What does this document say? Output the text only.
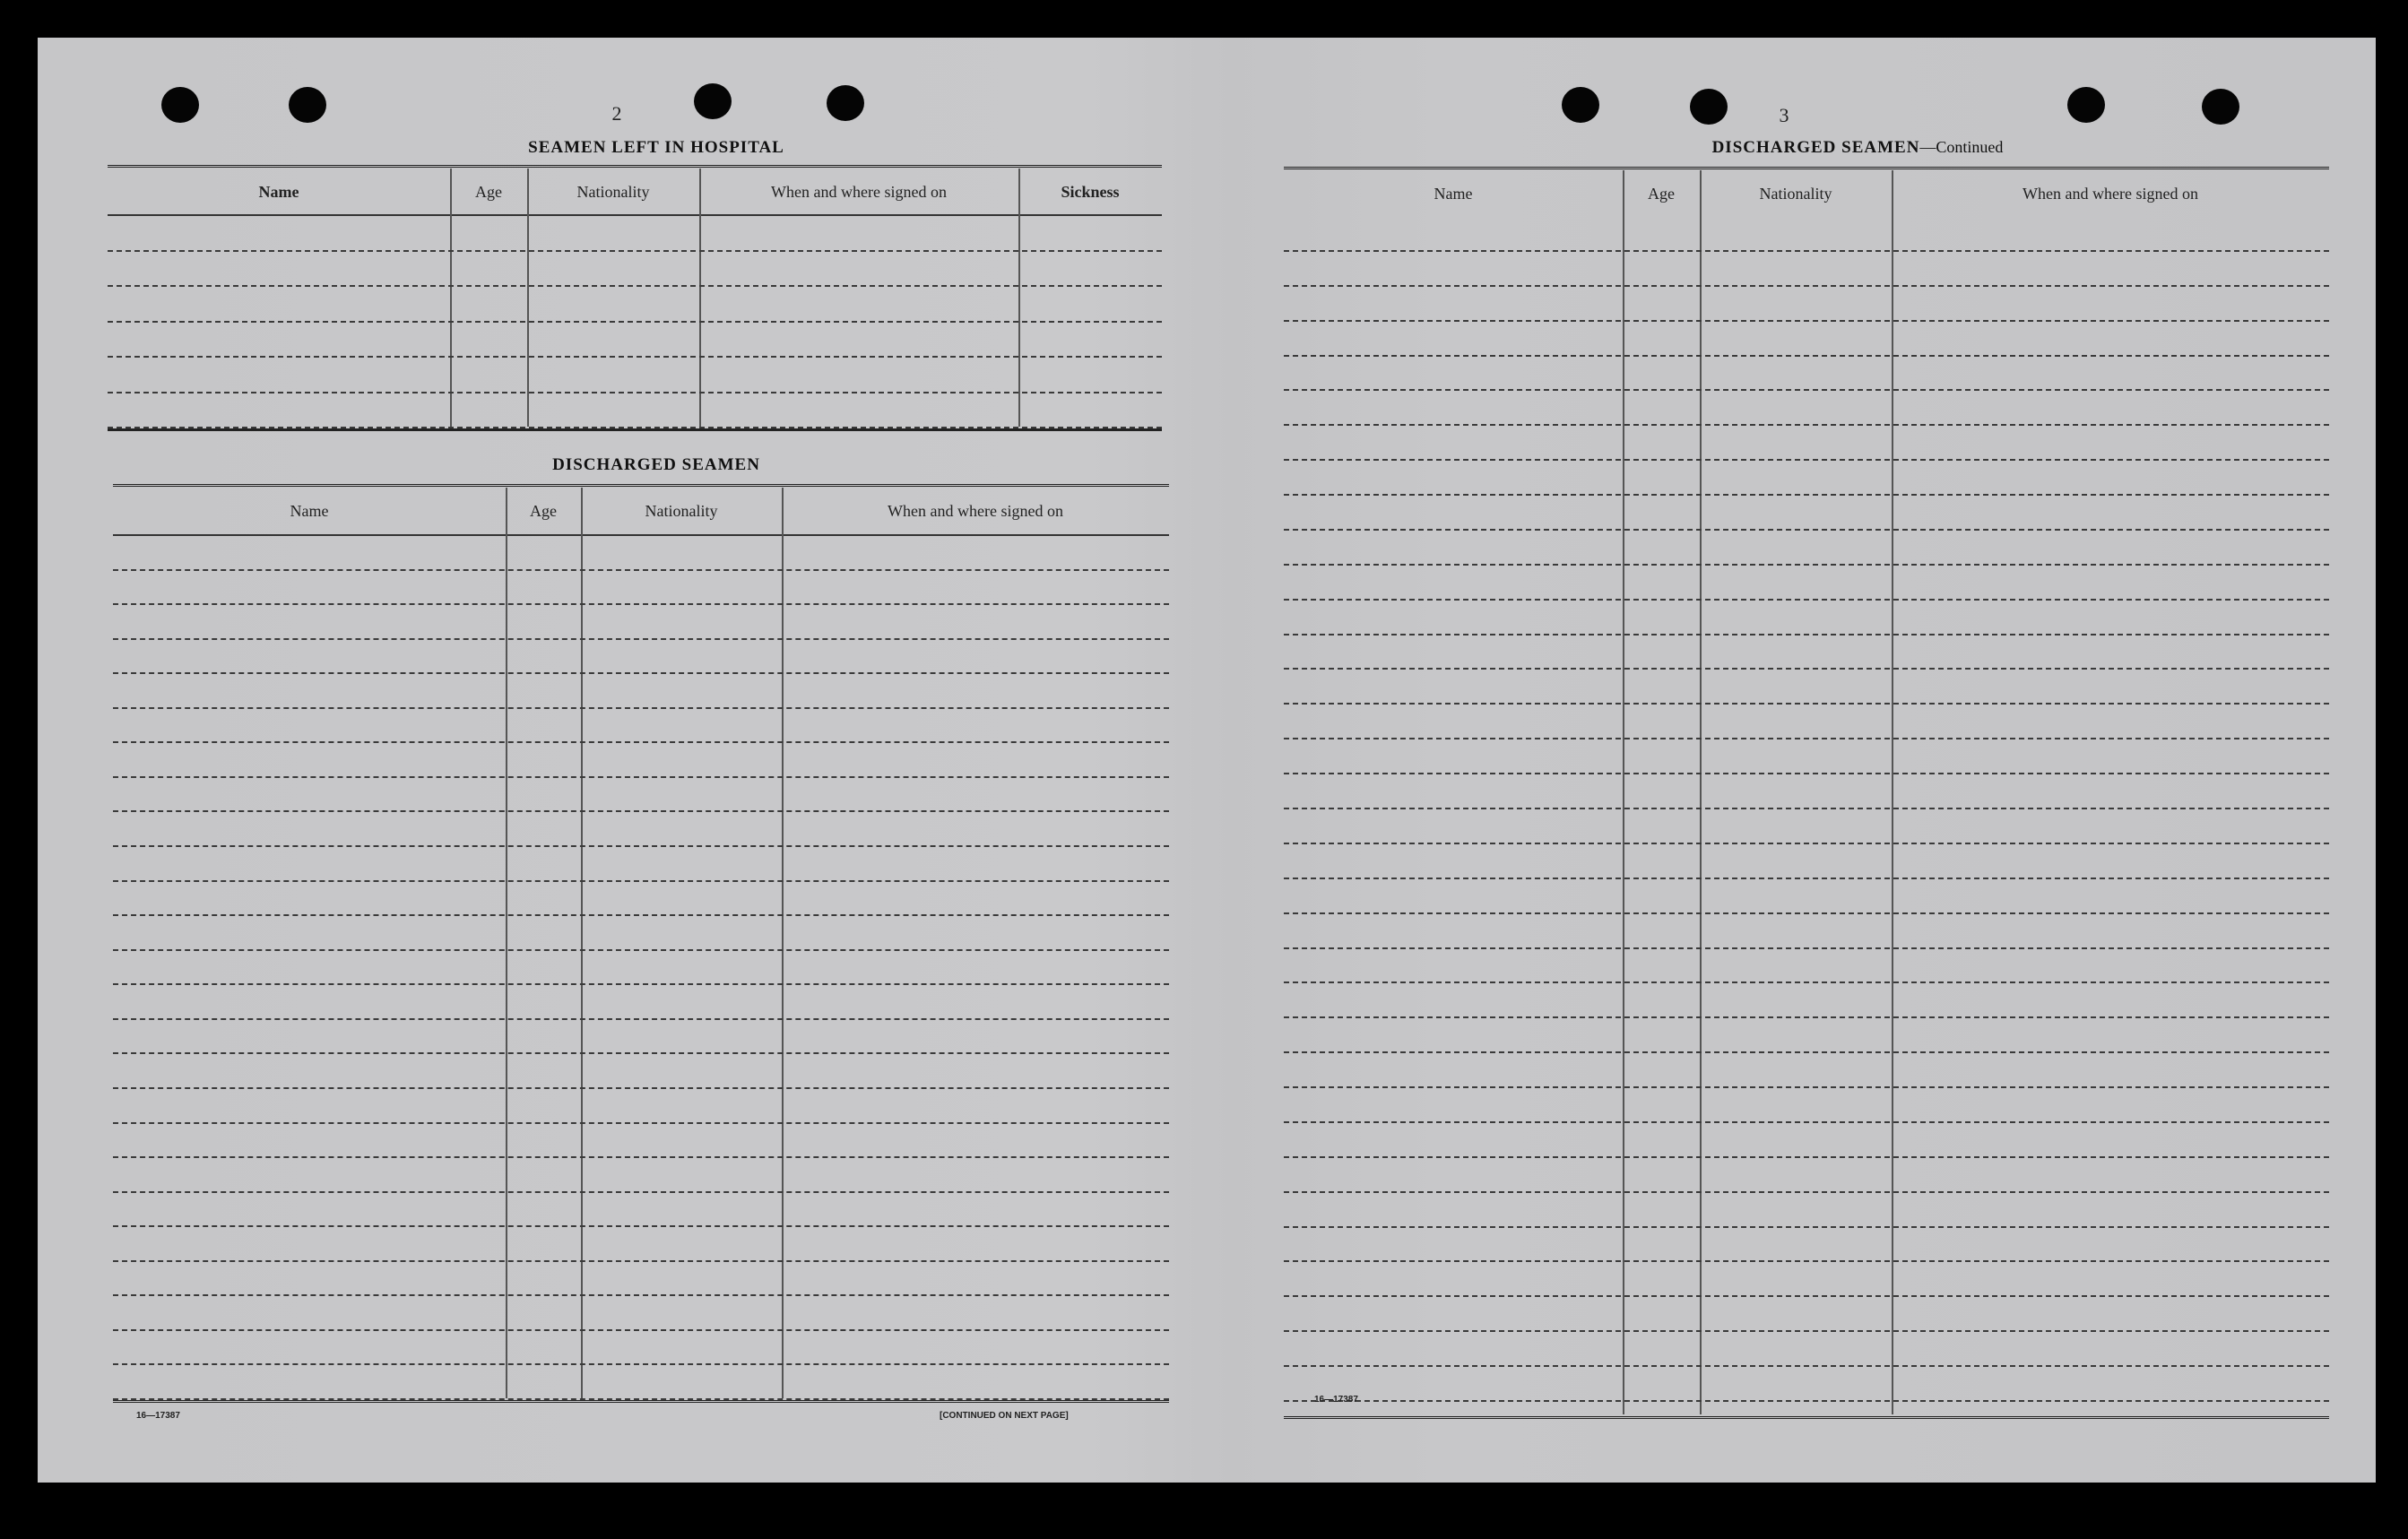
2
SEAMEN LEFT IN HOSPITAL
Name	Age	Nationality	When and where signed on	Sickness
DISCHARGED SEAMEN
Name	Age	Nationality	When and where signed on
16—17387	[CONTINUED ON NEXT PAGE]
3
DISCHARGED SEAMEN—Continued
Name	Age	Nationality	When and where signed on
16—17387
